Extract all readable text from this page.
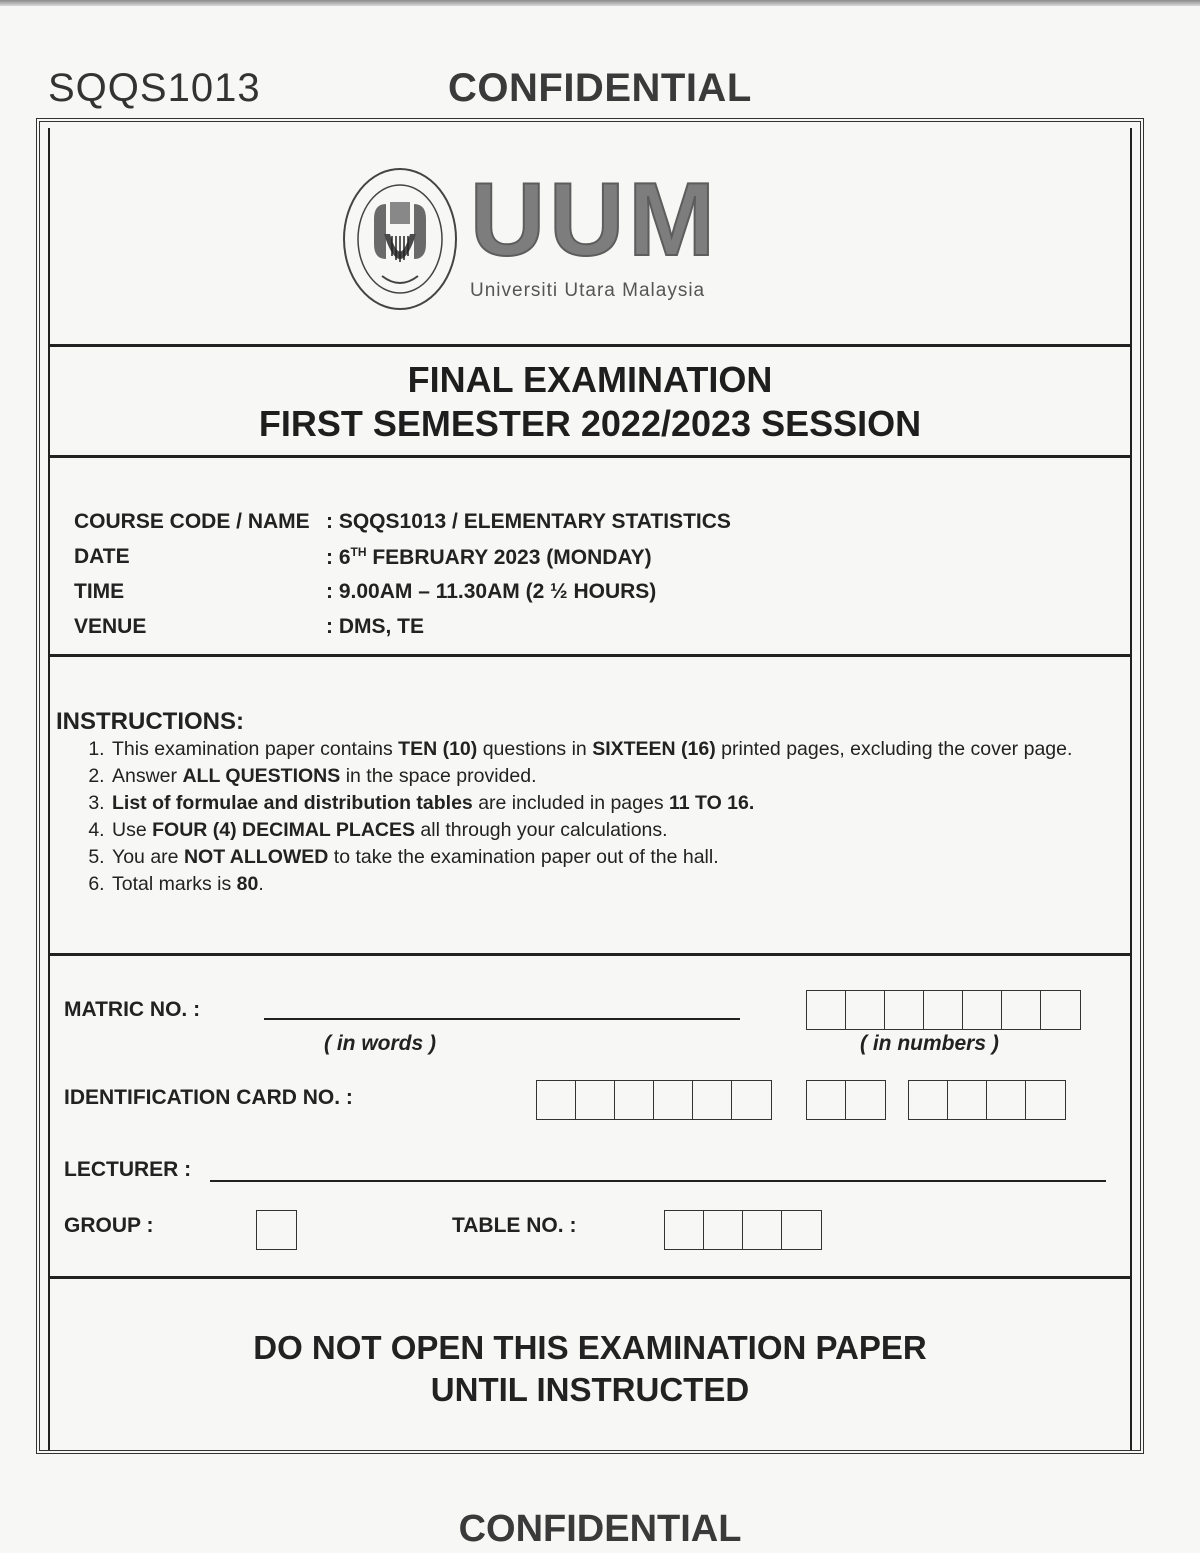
SQQS1013	CONFIDENTIAL
UUM
Universiti Utara Malaysia
FINAL EXAMINATION
FIRST SEMESTER 2022/2023 SESSION
COURSE CODE / NAME : SQQS1013 / ELEMENTARY STATISTICS
DATE	: 6TH FEBRUARY 2023 (MONDAY)
TIME	: 9.00AM – 11.30AM (2 ½ HOURS)
VENUE	: DMS, TE
INSTRUCTIONS:
1. This examination paper contains TEN (10) questions in SIXTEEN (16) printed pages, excluding the cover page.
2. Answer ALL QUESTIONS in the space provided.
3. List of formulae and distribution tables are included in pages 11 TO 16.
4. Use FOUR (4) DECIMAL PLACES all through your calculations.
5. You are NOT ALLOWED to take the examination paper out of the hall.
6. Total marks is 80.
MATRIC NO. :
( in words )	( in numbers )
IDENTIFICATION CARD NO. :
LECTURER :
GROUP :	TABLE NO. :
DO NOT OPEN THIS EXAMINATION PAPER
UNTIL INSTRUCTED
CONFIDENTIAL
